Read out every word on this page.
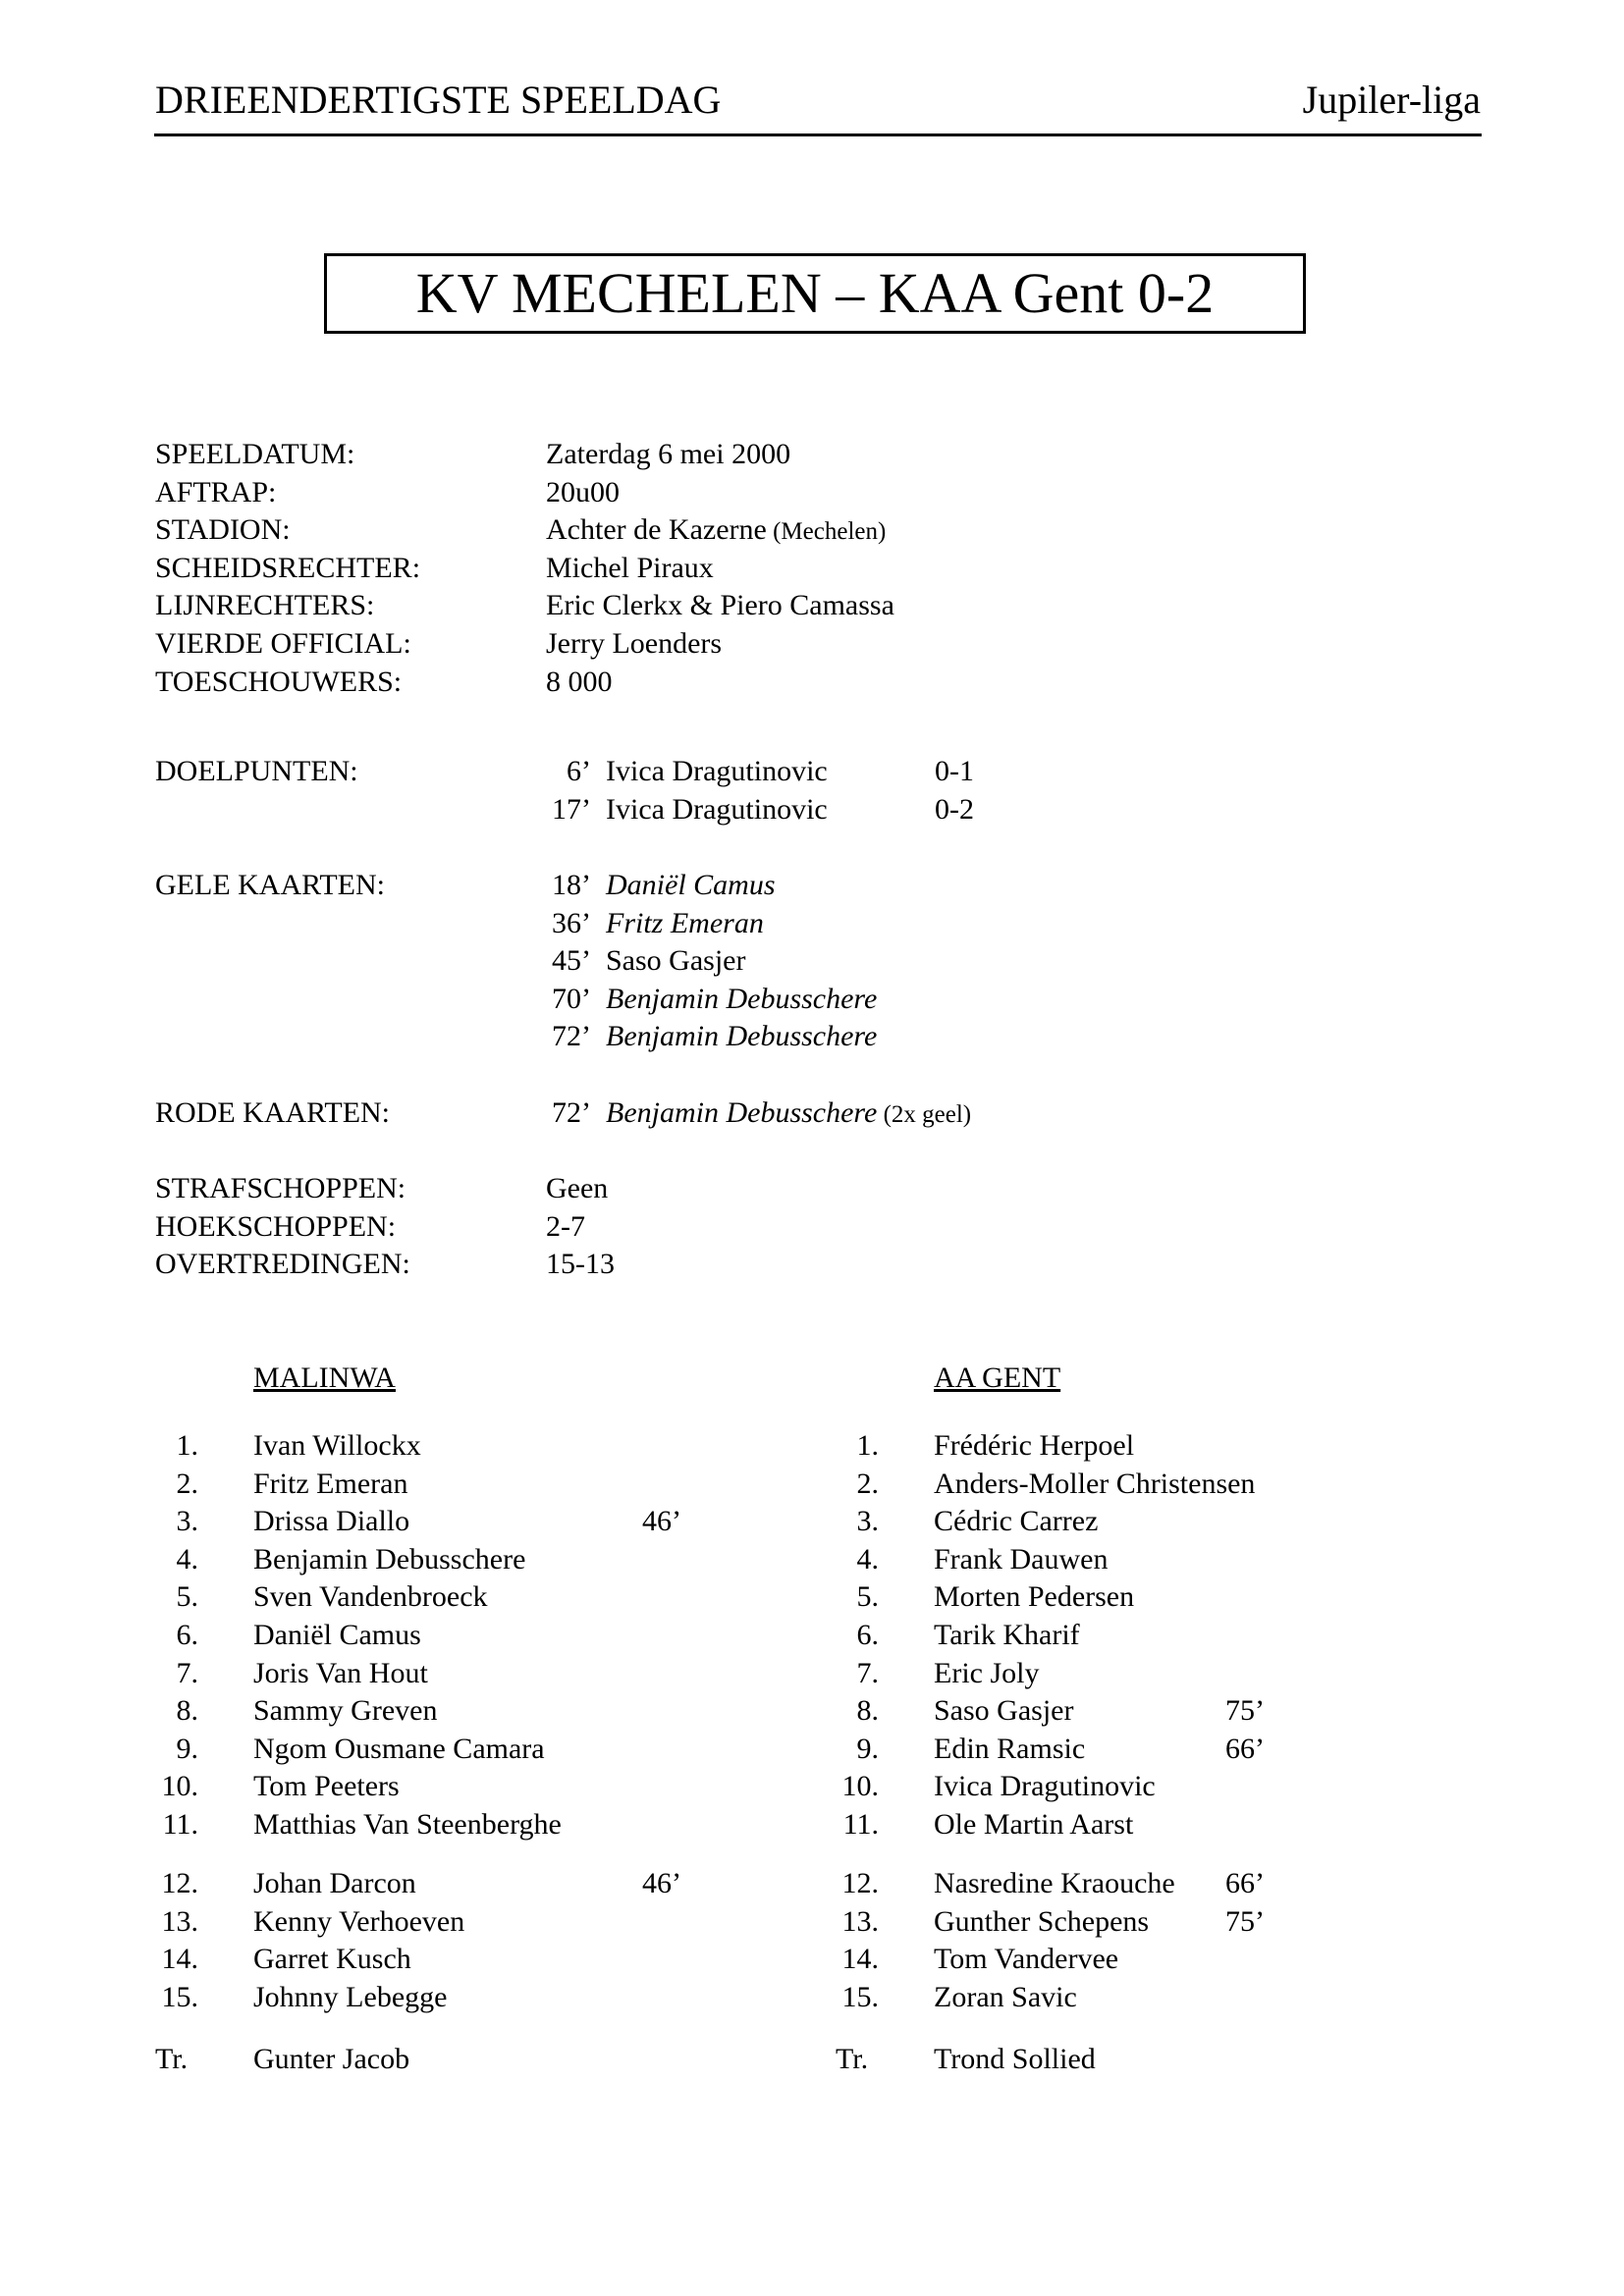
DRIEENDERTIGSTE SPEELDAG	Jupiler-liga
KV MECHELEN – KAA Gent 0-2
SPEELDATUM:	Zaterdag 6 mei 2000
AFTRAP:	20u00
STADION:	Achter de Kazerne (Mechelen)
SCHEIDSRECHTER:	Michel Piraux
LIJNRECHTERS:	Eric Clerkx & Piero Camassa
VIERDE OFFICIAL:	Jerry Loenders
TOESCHOUWERS:	8 000
DOELPUNTEN:	6’ Ivica Dragutinovic	0-1
17’ Ivica Dragutinovic	0-2
GELE KAARTEN:	18’ Daniël Camus
36’ Fritz Emeran
45’ Saso Gasjer
70’ Benjamin Debusschere
72’ Benjamin Debusschere
RODE KAARTEN:	72’ Benjamin Debusschere (2x geel)
STRAFSCHOPPEN:	Geen
HOEKSCHOPPEN:	2-7
OVERTREDINGEN:	15-13
MALINWA
1. Ivan Willockx
2. Fritz Emeran
3. Drissa Diallo	46’
4. Benjamin Debusschere
5. Sven Vandenbroeck
6. Daniël Camus
7. Joris Van Hout
8. Sammy Greven
9. Ngom Ousmane Camara
10. Tom Peeters
11. Matthias Van Steenberghe
12. Johan Darcon	46’
13. Kenny Verhoeven
14. Garret Kusch
15. Johnny Lebegge
Tr. Gunter Jacob
AA GENT
1. Frédéric Herpoel
2. Anders-Moller Christensen
3. Cédric Carrez
4. Frank Dauwen
5. Morten Pedersen
6. Tarik Kharif
7. Eric Joly
8. Saso Gasjer	75’
9. Edin Ramsic	66’
10. Ivica Dragutinovic
11. Ole Martin Aarst
12. Nasredine Kraouche 66’
13. Gunther Schepens	75’
14. Tom Vandervee
15. Zoran Savic
Tr. Trond Sollied
